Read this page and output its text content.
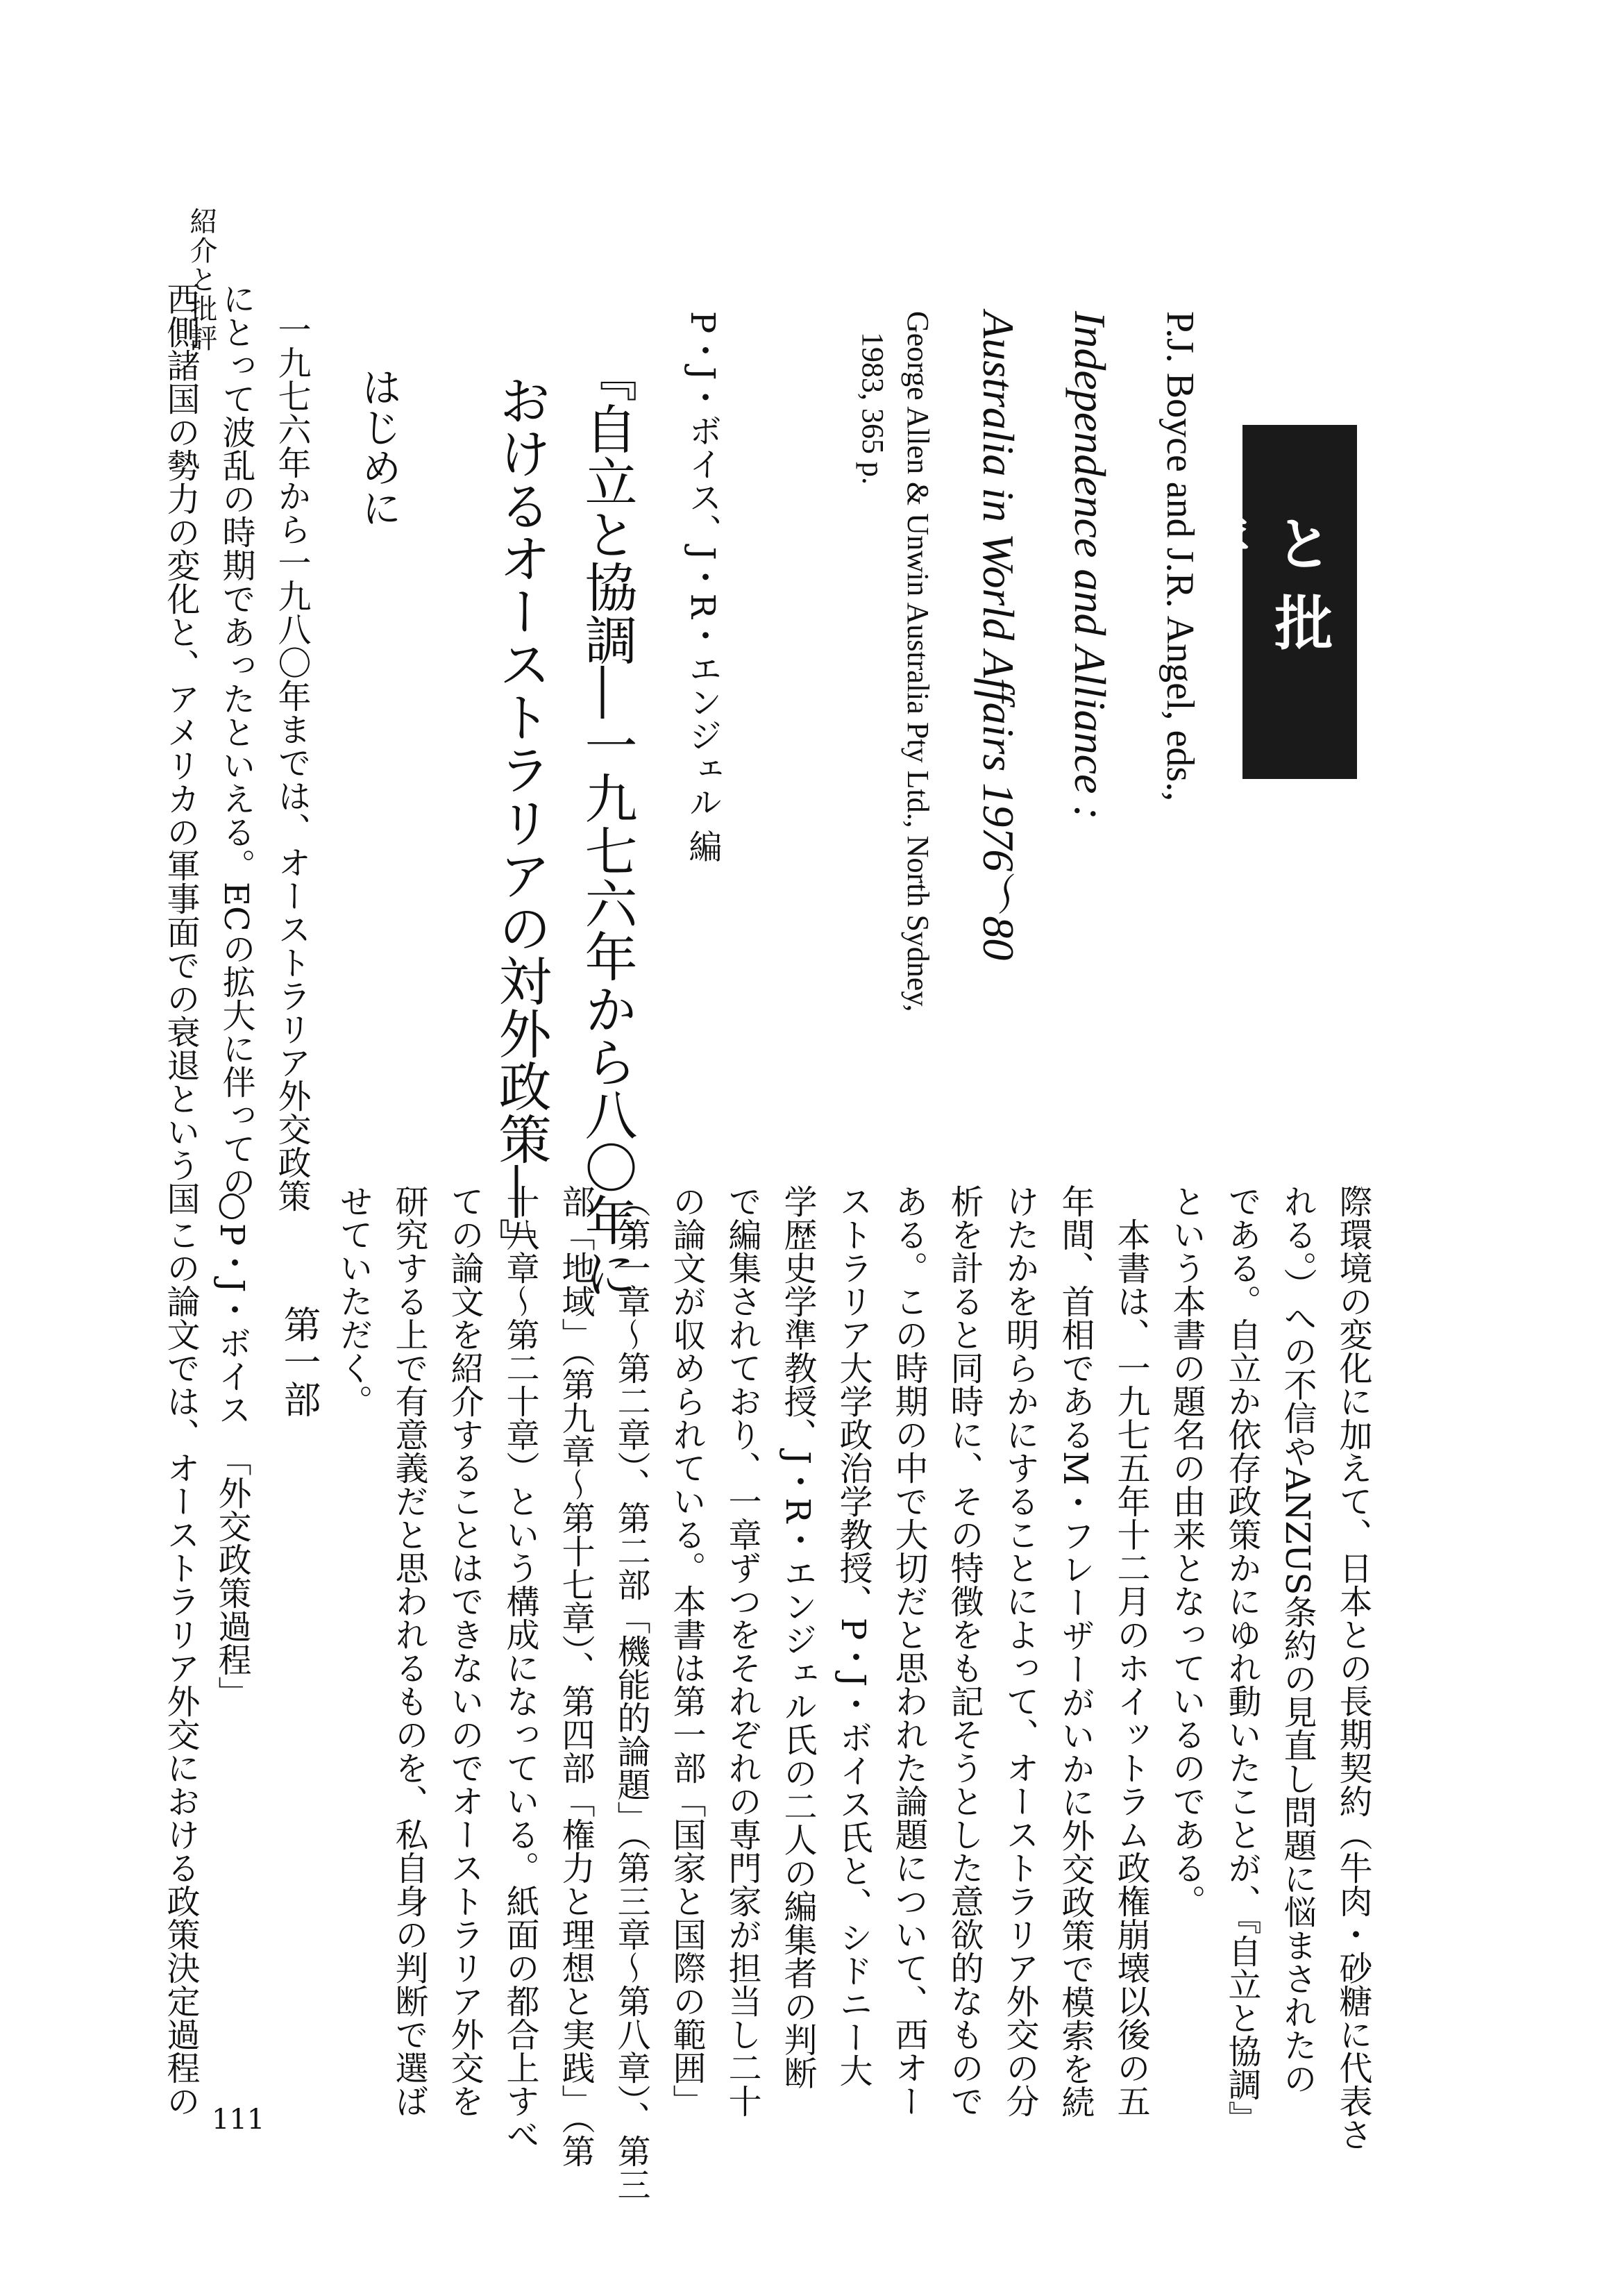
紹介と批評
紹介と批評
P.J. Boyce and J.R. Angel, eds.,
Independence and Alliance :
Australia in World Affairs 1976～80
George Allen & Unwin Australia Pty Ltd., North Sydney,
1983, 365 p.
P・J・ボイス、J・R・エンジェル 編
『自立と協調―一九七六年から八〇年に
おけるオーストラリアの対外政策―』
はじめに
一九七六年から一九八〇年までは、オーストラリア外交政策
にとって波乱の時期であったといえる。ECの拡大に伴っての
西側諸国の勢力の変化と、アメリカの軍事面での衰退という国
際環境の変化に加えて、日本との長期契約（牛肉・砂糖に代表さ
れる。）への不信やANZUS条約の見直し問題に悩まされたの
である。自立か依存政策かにゆれ動いたことが、『自立と協調』
という本書の題名の由来となっているのである。
　本書は、一九七五年十二月のホイットラム政権崩壊以後の五
年間、首相であるM・フレーザーがいかに外交政策で模索を続
けたかを明らかにすることによって、オーストラリア外交の分
析を計ると同時に、その特徴をも記そうとした意欲的なもので
ある。この時期の中で大切だと思われた論題について、西オー
ストラリア大学政治学教授、P・J・ボイス氏と、シドニー大
学歴史学準教授、J・R・エンジェル氏の二人の編集者の判断
で編集されており、一章ずつをそれぞれの専門家が担当し二十
の論文が収められている。本書は第一部「国家と国際の範囲」
（第一章～第二章）、第二部「機能的論題」（第三章～第八章）、第三
部「地域」（第九章～第十七章）、第四部「権力と理想と実践」（第
十八章～第二十章）という構成になっている。紙面の都合上すべ
ての論文を紹介することはできないのでオーストラリア外交を
研究する上で有意義だと思われるものを、私自身の判断で選ば
せていただく。
第一部
○P・J・ボイス　「外交政策過程」
　この論文では、オーストラリア外交における政策決定過程の
111
